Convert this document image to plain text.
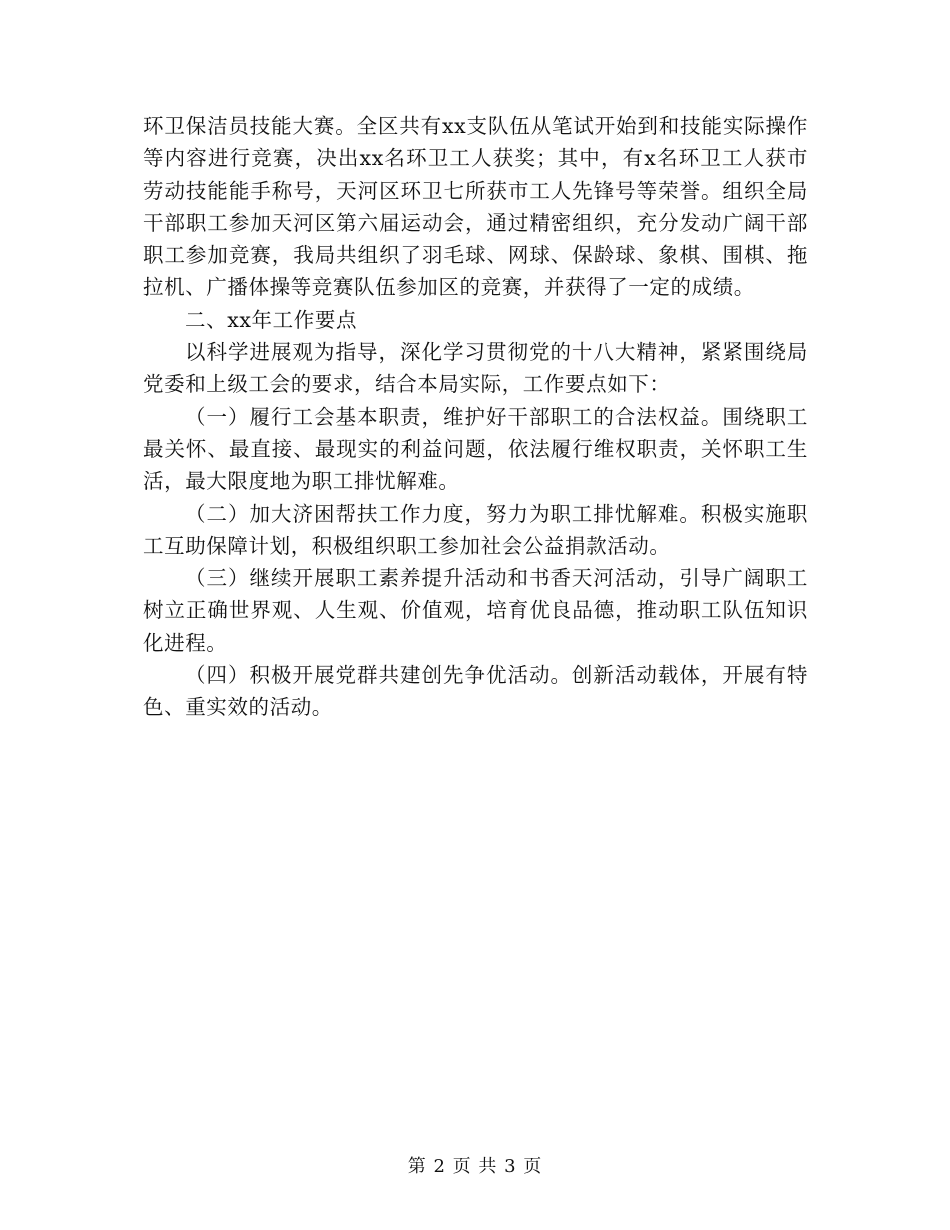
环卫保洁员技能大赛。全区共有xx支队伍从笔试开始到和技能实际操作等内容进行竞赛，决出xx名环卫工人获奖；其中，有x名环卫工人获市劳动技能能手称号，天河区环卫七所获市工人先锋号等荣誉。组织全局干部职工参加天河区第六届运动会，通过精密组织，充分发动广阔干部职工参加竞赛，我局共组织了羽毛球、网球、保龄球、象棋、围棋、拖拉机、广播体操等竞赛队伍参加区的竞赛，并获得了一定的成绩。

二、xx年工作要点

以科学进展观为指导，深化学习贯彻党的十八大精神，紧紧围绕局党委和上级工会的要求，结合本局实际，工作要点如下：

（一）履行工会基本职责，维护好干部职工的合法权益。围绕职工最关怀、最直接、最现实的利益问题，依法履行维权职责，关怀职工生活，最大限度地为职工排忧解难。

（二）加大济困帮扶工作力度，努力为职工排忧解难。积极实施职工互助保障计划，积极组织职工参加社会公益捐款活动。

（三）继续开展职工素养提升活动和书香天河活动，引导广阔职工树立正确世界观、人生观、价值观，培育优良品德，推动职工队伍知识化进程。

（四）积极开展党群共建创先争优活动。创新活动载体，开展有特色、重实效的活动。

第 2 页 共 3 页
